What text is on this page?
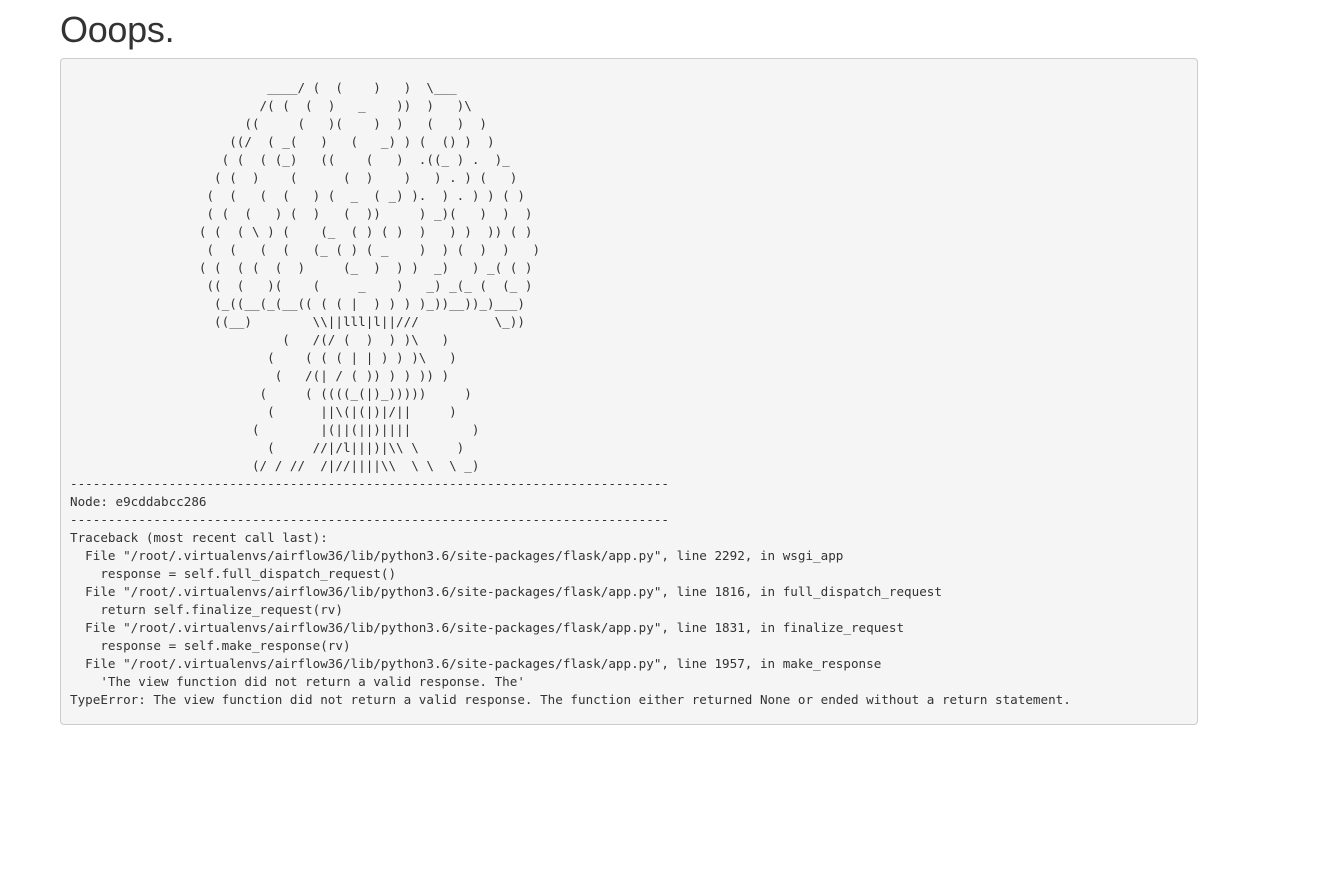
Ooops.
____/ (  (    )   )  \___
/( (  (  )   _    ))  )   )\
((     (   )(    )  )   (   )  )
((/  ( _(   )   (   _) ) (  () )  )
( (  ( (_)   ((    (   )  .((_ ) .  )_
( (  )    (      (  )    )   ) . ) (   )
(  (   (  (   ) (  _  ( _) ).  ) . ) ) ( )
( (  (   ) (  )   (  ))     ) _)(   )  )  )
( (  ( \ ) (    (_  ( ) ( )  )   ) )  )) ( )
(  (   (  (   (_ ( ) ( _    )  ) (  )  )   )
( (  ( (  (  )     (_  )  ) )  _)   ) _( ( )
((  (   )(    (     _    )   _) _(_ (  (_ )
(_((__(_(__(( ( ( |  ) ) ) )_))__))_)___)
((__)        \\||lll|l||///          \_))
(   /(/ (  )  ) )\   )
(    ( ( ( | | ) ) )\   )
(   /(| / ( )) ) ) )) )
(     ( ((((_(|)_)))))     )
(      ||\(|(|)|/||     )
(        |(||(||)||||        )
(     //|/l|||)|\\ \     )
(/ / //  /|//||||\\  \ \  \ _)
-------------------------------------------------------------------------------
Node: e9cddabcc286
-------------------------------------------------------------------------------
Traceback (most recent call last):
File "/root/.virtualenvs/airflow36/lib/python3.6/site-packages/flask/app.py", line 2292, in wsgi_app
response = self.full_dispatch_request()
File "/root/.virtualenvs/airflow36/lib/python3.6/site-packages/flask/app.py", line 1816, in full_dispatch_request
return self.finalize_request(rv)
File "/root/.virtualenvs/airflow36/lib/python3.6/site-packages/flask/app.py", line 1831, in finalize_request
response = self.make_response(rv)
File "/root/.virtualenvs/airflow36/lib/python3.6/site-packages/flask/app.py", line 1957, in make_response
'The view function did not return a valid response. The'
TypeError: The view function did not return a valid response. The function either returned None or ended without a return statement.
